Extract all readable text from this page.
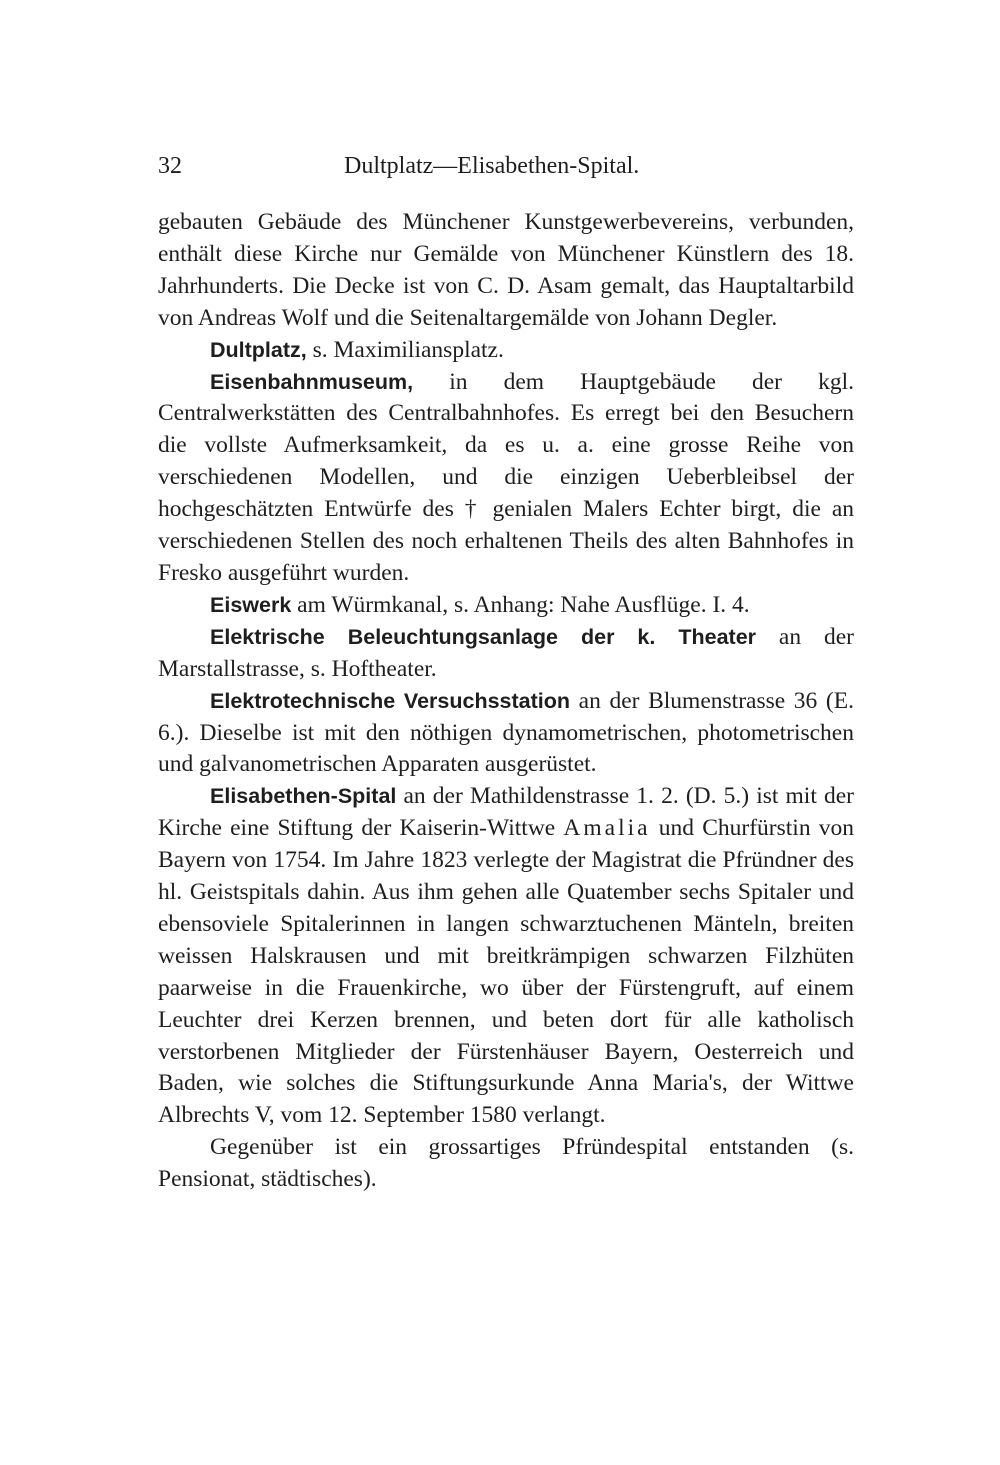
32	Dultplatz—Elisabethen-Spital.

gebauten Gebäude des Münchener Kunstgewerbevereins, verbunden, enthält diese Kirche nur Gemälde von Münchener Künstlern des 18. Jahrhunderts. Die Decke ist von C. D. Asam gemalt, das Hauptaltarbild von Andreas Wolf und die Seitenaltargemälde von Johann Degler.

Dultplatz, s. Maximiliansplatz.

Eisenbahnmuseum, in dem Hauptgebäude der kgl. Centralwerkstätten des Centralbahnhofes. Es erregt bei den Besuchern die vollste Aufmerksamkeit, da es u. a. eine grosse Reihe von verschiedenen Modellen, und die einzigen Ueberbleibsel der hochgeschätzten Entwürfe des † genialen Malers Echter birgt, die an verschiedenen Stellen des noch erhaltenen Theils des alten Bahnhofes in Fresko ausgeführt wurden.

Eiswerk am Würmkanal, s. Anhang: Nahe Ausflüge. I. 4.

Elektrische Beleuchtungsanlage der k. Theater an der Marstallstrasse, s. Hoftheater.

Elektrotechnische Versuchsstation an der Blumenstrasse 36 (E. 6.). Dieselbe ist mit den nöthigen dynamometrischen, photometrischen und galvanometrischen Apparaten ausgerüstet.

Elisabethen-Spital an der Mathildenstrasse 1. 2. (D. 5.) ist mit der Kirche eine Stiftung der Kaiserin-Wittwe Amalia und Churfürstin von Bayern von 1754. Im Jahre 1823 verlegte der Magistrat die Pfründner des hl. Geistspitals dahin. Aus ihm gehen alle Quatember sechs Spitaler und ebensoviele Spitalerinnen in langen schwarztuchenen Mänteln, breiten weissen Halskrausen und mit breitkrämpigen schwarzen Filzhüten paarweise in die Frauenkirche, wo über der Fürstengruft, auf einem Leuchter drei Kerzen brennen, und beten dort für alle katholisch verstorbenen Mitglieder der Fürstenhäuser Bayern, Oesterreich und Baden, wie solches die Stiftungsurkunde Anna Maria's, der Wittwe Albrechts V, vom 12. September 1580 verlangt.

Gegenüber ist ein grossartiges Pfründespital entstanden (s. Pensionat, städtisches).
